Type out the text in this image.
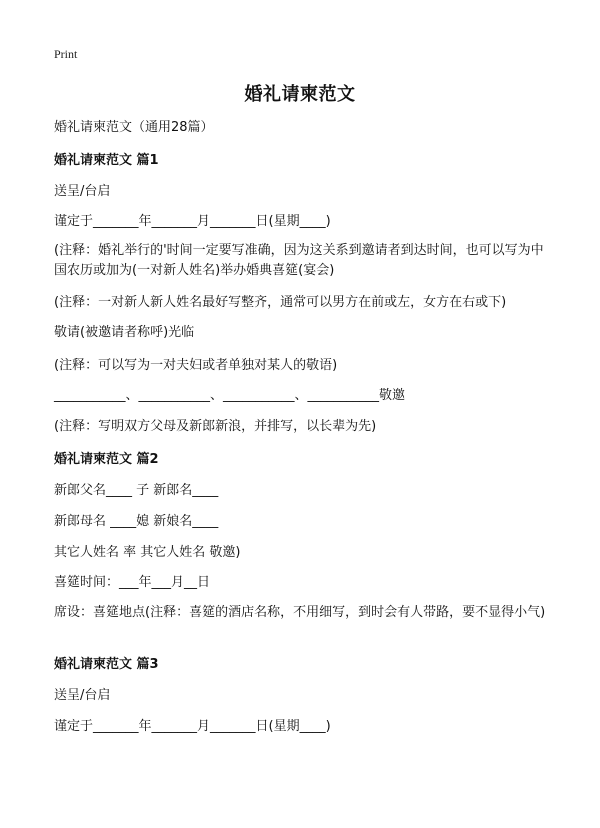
Print
婚礼请柬范文
婚礼请柬范文（通用28篇）
婚礼请柬范文 篇1
送呈/台启
谨定于_______年_______月_______日(星期____)
(注释：婚礼举行的'时间一定要写准确，因为这关系到邀请者到达时间，也可以写为中国农历或加为(一对新人姓名)举办婚典喜筵(宴会)
(注释：一对新人新人姓名最好写整齐，通常可以男方在前或左，女方在右或下)
敬请(被邀请者称呼)光临
(注释：可以写为一对夫妇或者单独对某人的敬语)
___________、___________、___________、___________敬邀
(注释：写明双方父母及新郎新浪，并排写，以长辈为先)
婚礼请柬范文 篇2
新郎父名____ 子 新郎名____
新郎母名 ____媳 新娘名____
其它人姓名 率 其它人姓名 敬邀)
喜筵时间：___年___月__日
席设：喜筵地点(注释：喜筵的酒店名称，不用细写，到时会有人带路，要不显得小气)
婚礼请柬范文 篇3
送呈/台启
谨定于_______年_______月_______日(星期____)
